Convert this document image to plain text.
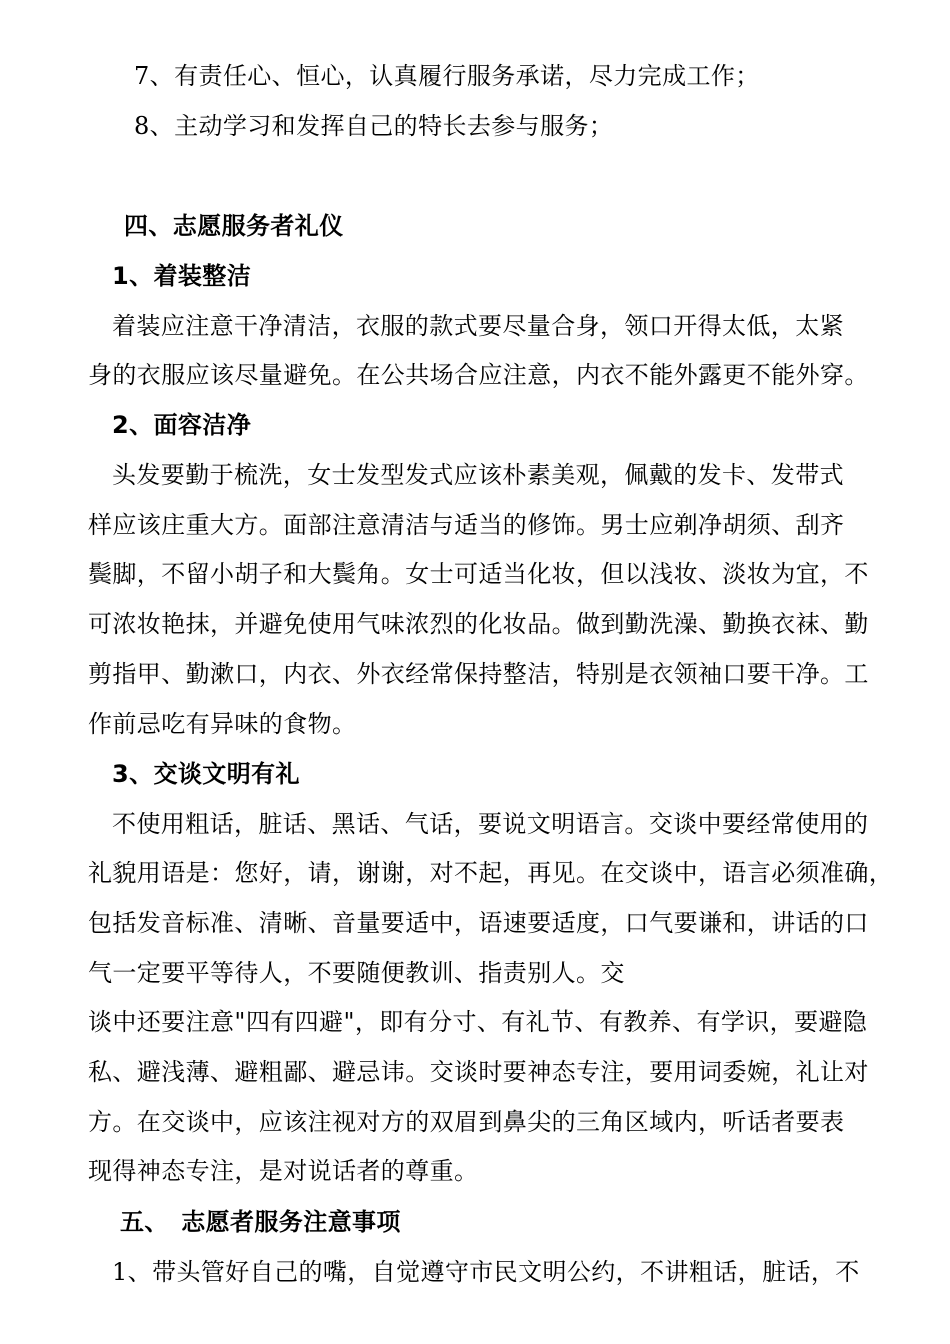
7、有责任心、恒心，认真履行服务承诺，尽力完成工作；
8、主动学习和发挥自己的特长去参与服务；
四、志愿服务者礼仪
1、着装整洁
着装应注意干净清洁，衣服的款式要尽量合身，领口开得太低，太紧
身的衣服应该尽量避免。在公共场合应注意，内衣不能外露更不能外穿。
2、面容洁净
头发要勤于梳洗，女士发型发式应该朴素美观，佩戴的发卡、发带式
样应该庄重大方。面部注意清洁与适当的修饰。男士应剃净胡须、刮齐
鬓脚，不留小胡子和大鬓角。女士可适当化妆，但以浅妆、淡妆为宜，不
可浓妆艳抹，并避免使用气味浓烈的化妆品。做到勤洗澡、勤换衣袜、勤
剪指甲、勤漱口，内衣、外衣经常保持整洁，特别是衣领袖口要干净。工
作前忌吃有异味的食物。
3、交谈文明有礼
不使用粗话，脏话、黑话、气话，要说文明语言。交谈中要经常使用的
礼貌用语是：您好，请，谢谢，对不起，再见。在交谈中，语言必须准确，
包括发音标准、清晰、音量要适中，语速要适度，口气要谦和，讲话的口
气一定要平等待人，不要随便教训、指责别人。交
谈中还要注意"四有四避"，即有分寸、有礼节、有教养、有学识，要避隐
私、避浅薄、避粗鄙、避忌讳。交谈时要神态专注，要用词委婉，礼让对
方。在交谈中，应该注视对方的双眉到鼻尖的三角区域内，听话者要表
现得神态专注，是对说话者的尊重。
五、　志愿者服务注意事项
1、带头管好自己的嘴，自觉遵守市民文明公约，不讲粗话，脏话，不
